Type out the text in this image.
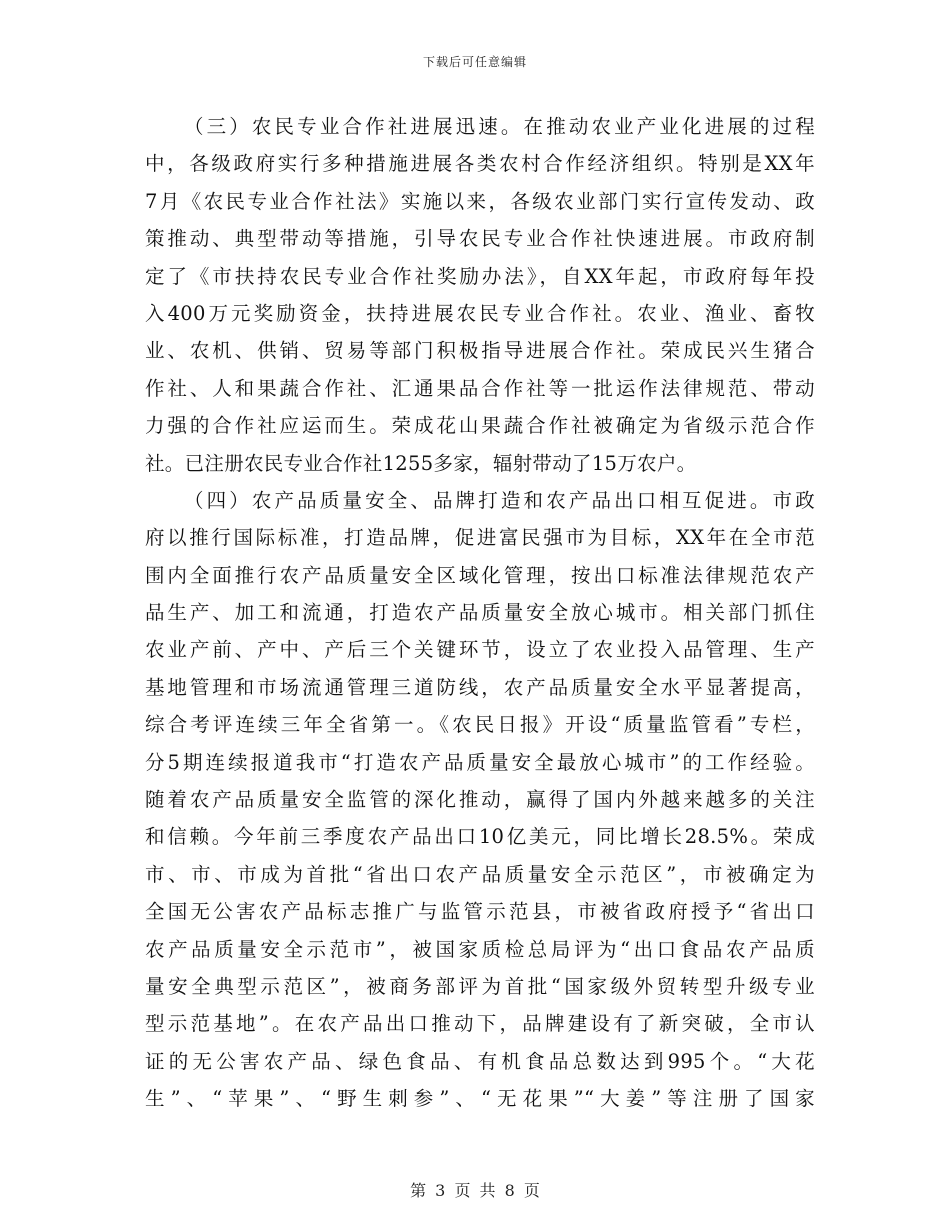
下载后可任意编辑
（三）农民专业合作社进展迅速。在推动农业产业化进展的过程
中，各级政府实行多种措施进展各类农村合作经济组织。特别是XX年
7月《农民专业合作社法》实施以来，各级农业部门实行宣传发动、政
策推动、典型带动等措施，引导农民专业合作社快速进展。市政府制
定了《市扶持农民专业合作社奖励办法》，自XX年起，市政府每年投
入400万元奖励资金，扶持进展农民专业合作社。农业、渔业、畜牧
业、农机、供销、贸易等部门积极指导进展合作社。荣成民兴生猪合
作社、人和果蔬合作社、汇通果品合作社等一批运作法律规范、带动
力强的合作社应运而生。荣成花山果蔬合作社被确定为省级示范合作
社。已注册农民专业合作社1255多家，辐射带动了15万农户。
（四）农产品质量安全、品牌打造和农产品出口相互促进。市政
府以推行国际标准，打造品牌，促进富民强市为目标，XX年在全市范
围内全面推行农产品质量安全区域化管理，按出口标准法律规范农产
品生产、加工和流通，打造农产品质量安全放心城市。相关部门抓住
农业产前、产中、产后三个关键环节，设立了农业投入品管理、生产
基地管理和市场流通管理三道防线，农产品质量安全水平显著提高，
综合考评连续三年全省第一。《农民日报》开设“质量监管看”专栏，
分5期连续报道我市“打造农产品质量安全最放心城市”的工作经验。
随着农产品质量安全监管的深化推动，赢得了国内外越来越多的关注
和信赖。今年前三季度农产品出口10亿美元，同比增长28.5%。荣成
市、市、市成为首批“省出口农产品质量安全示范区”，市被确定为
全国无公害农产品标志推广与监管示范县，市被省政府授予“省出口
农产品质量安全示范市”，被国家质检总局评为“出口食品农产品质
量安全典型示范区”，被商务部评为首批“国家级外贸转型升级专业
型示范基地”。在农产品出口推动下，品牌建设有了新突破，全市认
证的无公害农产品、绿色食品、有机食品总数达到995个。“大花
生”、“苹果”、“野生刺参”、“无花果”“大姜”等注册了国家
第 3 页 共 8 页
